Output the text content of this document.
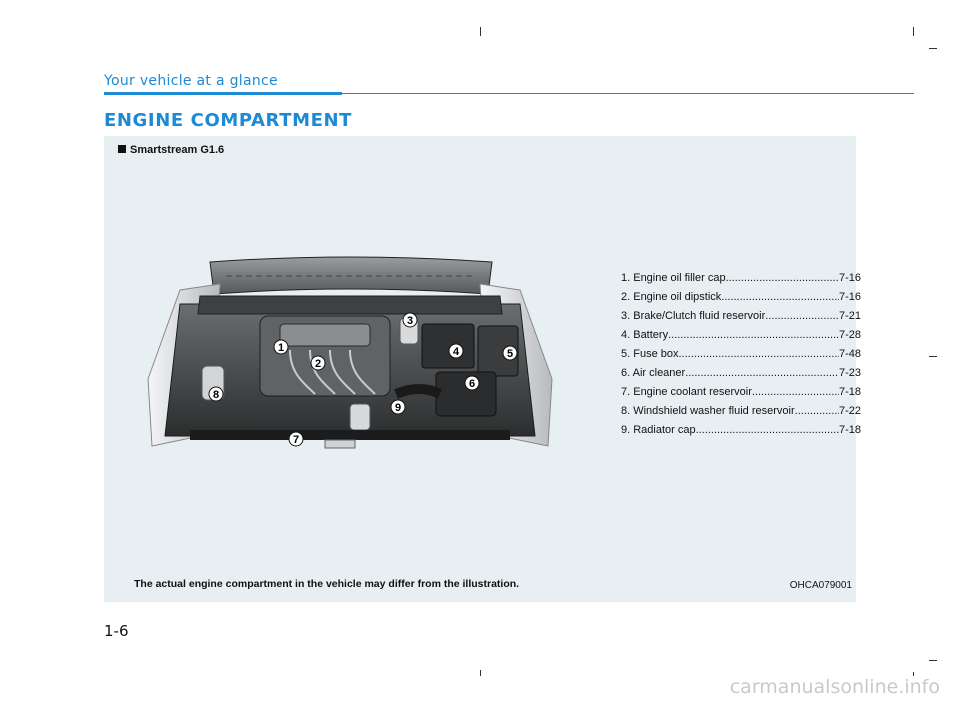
Your vehicle at a glance
ENGINE COMPARTMENT
Smartstream G1.6
1
2
3
4	5
6
7
8
9
1. Engine oil filler cap .....	7-16
2. Engine oil dipstick .....	7-16
3. Brake/Clutch fluid reservoir .....	7-21
4. Battery .....	7-28
5. Fuse box .....	7-48
6. Air cleaner .....	7-23
7. Engine coolant reservoir .....	7-18
8. Windshield washer fluid reservoir .....	7-22
9. Radiator cap .....	7-18
The actual engine compartment in the vehicle may differ from the illustration.	OHCA079001
1-6
carmanualsonline.info
